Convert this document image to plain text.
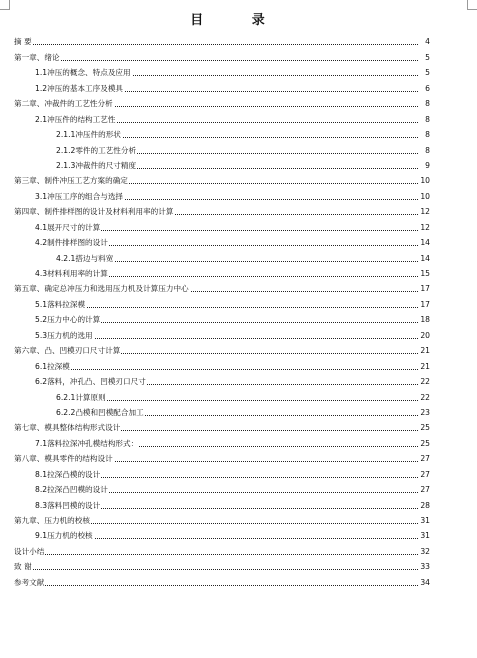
目 录
摘 要	4
第一章、绪论	5
1.1冲压的概念、特点及应用	5
1.2冲压的基本工序及模具	6
第二章、冲裁件的工艺性分析	8
2.1冲压件的结构工艺性	8
2.1.1冲压件的形状	8
2.1.2零件的工艺性分析	8
2.1.3冲裁件的尺寸精度	9
第三章、制件冲压工艺方案的确定	10
3.1冲压工序的组合与选择	10
第四章、制件排样图的设计及材料利用率的计算	12
4.1展开尺寸的计算	12
4.2制件排样图的设计	14
4.2.1搭边与料宽	14
4.3材料利用率的计算	15
第五章、确定总冲压力和选用压力机及计算压力中心	17
5.1落料拉深模	17
5.2压力中心的计算	18
5.3压力机的选用	20
第六章、凸、凹模刃口尺寸计算	21
6.1拉深模	21
6.2落料，冲孔凸、凹模刃口尺寸	22
6.2.1计算原则	22
6.2.2凸模和凹模配合加工	23
第七章、模具整体结构形式设计	25
7.1落料拉深冲孔模结构形式：	25
第八章、模具零件的结构设计	27
8.1拉深凸模的设计	27
8.2拉深凸凹模的设计	27
8.3落料凹模的设计	28
第九章、压力机的校核	31
9.1压力机的校核	31
设计小结	32
致 谢	33
参考文献	34
